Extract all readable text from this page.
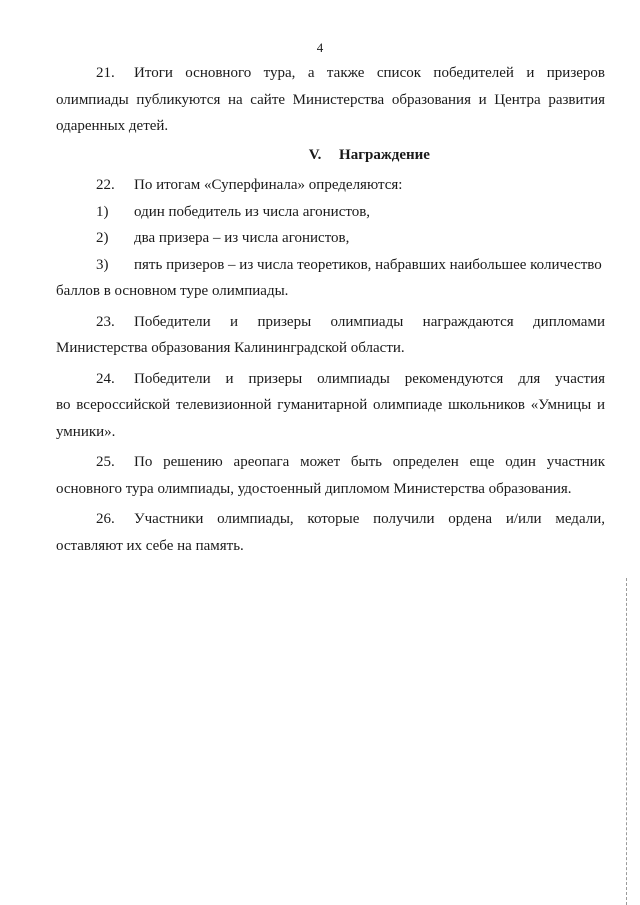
4
21. Итоги основного тура, а также список победителей и призеров
олимпиады публикуются на сайте Министерства образования и Центра развития одаренных детей.
V. Награждение
22. По итогам «Суперфинала» определяются:
1) один победитель из числа агонистов,
2) два призера – из числа агонистов,
3) пять призеров – из числа теоретиков, набравших наибольшее количество
баллов в основном туре олимпиады.
23. Победители и призеры олимпиады награждаются дипломами
Министерства образования Калининградской области.
24. Победители и призеры олимпиады рекомендуются для участия
во всероссийской телевизионной гуманитарной олимпиаде школьников «Умницы и умники».
25. По решению ареопага может быть определен еще один участник
основного тура олимпиады, удостоенный дипломом Министерства образования.
26. Участники олимпиады, которые получили ордена и/или медали,
оставляют их себе на память.
